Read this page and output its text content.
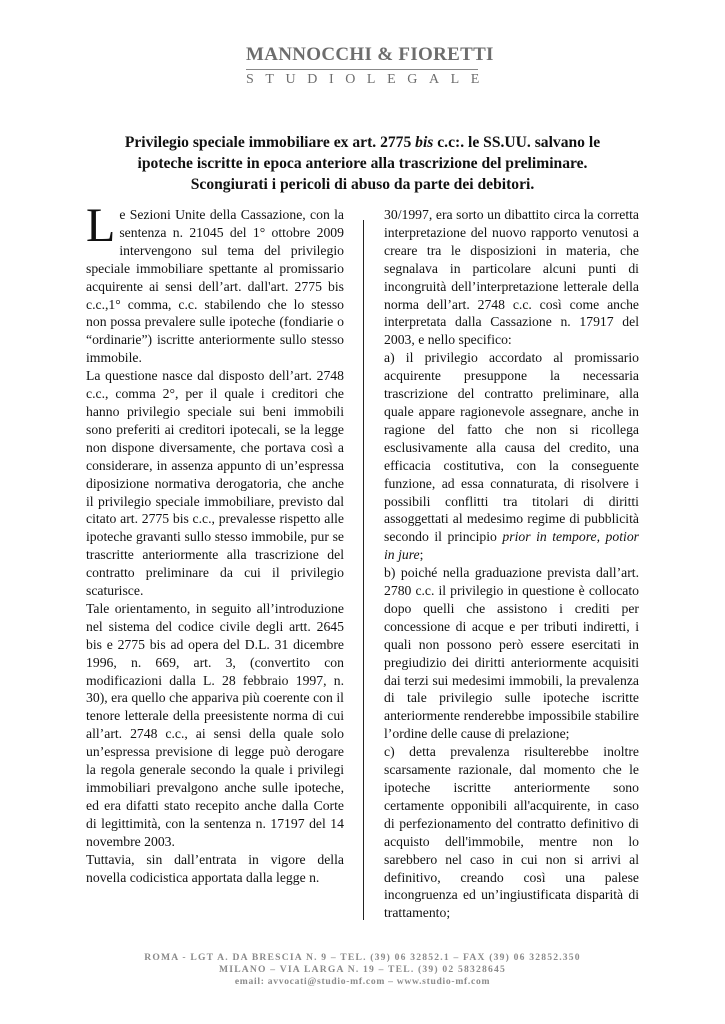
MANNOCCHI & FIORETTI
STUDIOLEGALE
Privilegio speciale immobiliare ex art. 2775 bis c.c:. le SS.UU. salvano le
ipoteche iscritte in epoca anteriore alla trascrizione del preliminare.
Scongiurati i pericoli di abuso da parte dei debitori.

Le Sezioni Unite della Cassazione, con la sentenza n. 21045 del 1° ottobre 2009 intervengono sul tema del privilegio speciale immobiliare spettante al promissario acquirente ai sensi dell’art. dall'art. 2775 bis c.c.,1° comma, c.c. stabilendo che lo stesso non possa prevalere sulle ipoteche (fondiarie o “ordinarie”) iscritte anteriormente sullo stesso immobile.

La questione nasce dal disposto dell’art. 2748 c.c., comma 2°, per il quale i creditori che hanno privilegio speciale sui beni immobili sono preferiti ai creditori ipotecali, se la legge non dispone diversamente, che portava così a considerare, in assenza appunto di un’espressa diposizione normativa derogatoria, che anche il privilegio speciale immobiliare, previsto dal citato art. 2775 bis c.c., prevalesse rispetto alle ipoteche gravanti sullo stesso immobile, pur se trascritte anteriormente alla trascrizione del contratto preliminare da cui il privilegio scaturisce.

Tale orientamento, in seguito all’introduzione nel sistema del codice civile degli artt. 2645 bis e 2775 bis ad opera del D.L. 31 dicembre 1996, n. 669, art. 3, (convertito con modificazioni dalla L. 28 febbraio 1997, n. 30), era quello che appariva più coerente con il tenore letterale della preesistente norma di cui all’art. 2748 c.c., ai sensi della quale solo un’espressa previsione di legge può derogare la regola generale secondo la quale i privilegi immobiliari prevalgono anche sulle ipoteche, ed era difatti stato recepito anche dalla Corte di legittimità, con la sentenza n. 17197 del 14 novembre 2003.

Tuttavia, sin dall’entrata in vigore della novella codicistica apportata dalla legge n.

30/1997, era sorto un dibattito circa la corretta interpretazione del nuovo rapporto venutosi a creare tra le disposizioni in materia, che segnalava in particolare alcuni punti di incongruità dell’interpretazione letterale della norma dell’art. 2748 c.c. così come anche interpretata dalla Cassazione n. 17917 del 2003, e nello specifico:

a) il privilegio accordato al promissario acquirente presuppone la necessaria trascrizione del contratto preliminare, alla quale appare ragionevole assegnare, anche in ragione del fatto che non si ricollega esclusivamente alla causa del credito, una efficacia costitutiva, con la conseguente funzione, ad essa connaturata, di risolvere i possibili conflitti tra titolari di diritti assoggettati al medesimo regime di pubblicità secondo il principio prior in tempore, potior in jure;

b) poiché nella graduazione prevista dall’art. 2780 c.c. il privilegio in questione è collocato dopo quelli che assistono i crediti per concessione di acque e per tributi indiretti, i quali non possono però essere esercitati in pregiudizio dei diritti anteriormente acquisiti dai terzi sui medesimi immobili, la prevalenza di tale privilegio sulle ipoteche iscritte anteriormente renderebbe impossibile stabilire l’ordine delle cause di prelazione;

c) detta prevalenza risulterebbe inoltre scarsamente razionale, dal momento che le ipoteche iscritte anteriormente sono certamente opponibili all'acquirente, in caso di perfezionamento del contratto definitivo di acquisto dell'immobile, mentre non lo sarebbero nel caso in cui non si arrivi al definitivo, creando così una palese incongruenza ed un’ingiustificata disparità di trattamento;

ROMA - LGT A. DA BRESCIA N. 9 – TEL. (39) 06 32852.1 – FAX (39) 06 32852.350
MILANO – VIA LARGA N. 19 – TEL. (39) 02 58328645
email: avvocati@studio-mf.com – www.studio-mf.com
